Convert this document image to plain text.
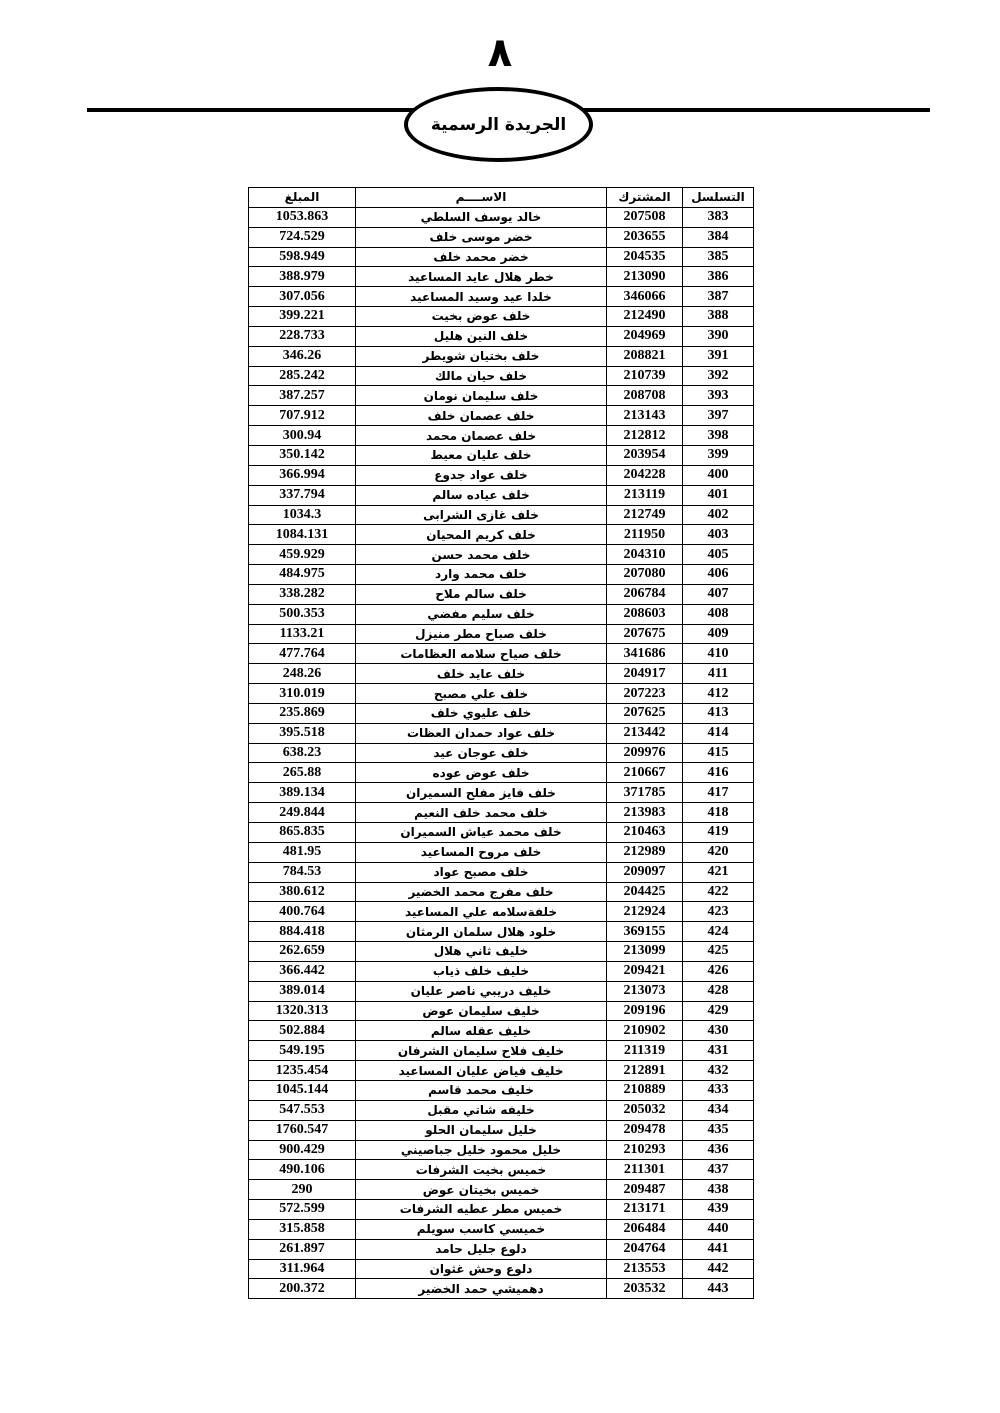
٨
الجريدة الرسمية
التسلسل	المشترك	الاســــم	المبلغ
383	207508	خالد يوسف السلطي	1053.863
384	203655	خضر موسى خلف	724.529
385	204535	خضر محمد خلف	598.949
386	213090	خطر هلال عايد المساعيد	388.979
387	346066	خلدا عيد وسيد المساعيد	307.056
388	212490	خلف عوض بخيت	399.221
390	204969	خلف النين هليل	228.733
391	208821	خلف بختيان شويطر	346.26
392	210739	خلف حيان مالك	285.242
393	208708	خلف سليمان نومان	387.257
397	213143	خلف عصمان خلف	707.912
398	212812	خلف عصمان محمد	300.94
399	203954	خلف عليان معيط	350.142
400	204228	خلف عواد جدوع	366.994
401	213119	خلف عياده سالم	337.794
402	212749	خلف غازى الشرابى	1034.3
403	211950	خلف كريم المحيان	1084.131
405	204310	خلف محمد حسن	459.929
406	207080	خلف محمد وارد	484.975
407	206784	خلف سالم ملاح	338.282
408	208603	خلف سليم مفضي	500.353
409	207675	خلف صباح مطر منيزل	1133.21
410	341686	خلف صياح سلامه العظامات	477.764
411	204917	خلف عايد خلف	248.26
412	207223	خلف علي مصبح	310.019
413	207625	خلف عليوي خلف	235.869
414	213442	خلف عواد حمدان العظات	395.518
415	209976	خلف عوجان عيد	638.23
416	210667	خلف عوض عوده	265.88
417	371785	خلف فايز مفلح السميران	389.134
418	213983	خلف محمد خلف النعيم	249.844
419	210463	خلف محمد عياش السميران	865.835
420	212989	خلف مروح المساعيد	481.95
421	209097	خلف مصبح عواد	784.53
422	204425	خلف مفرج محمد الخضير	380.612
423	212924	خلفةسلامه علي المساعيد	400.764
424	369155	خلود هلال سلمان الرمثان	884.418
425	213099	خليف ثاني هلال	262.659
426	209421	خليف خلف ذياب	366.442
428	213073	خليف دريبي ناصر عليان	389.014
429	209196	خليف سليمان عوض	1320.313
430	210902	خليف عقله سالم	502.884
431	211319	خليف فلاح سليمان الشرفان	549.195
432	212891	خليف فياض عليان المساعيد	1235.454
433	210889	خليف محمد قاسم	1045.144
434	205032	خليفه شاتي مقبل	547.553
435	209478	خليل سليمان الحلو	1760.547
436	210293	خليل محمود خليل جباصيني	900.429
437	211301	خميس بخيت الشرفات	490.106
438	209487	خميس بخيتان عوض	290
439	213171	خميس مطر عطيه الشرفات	572.599
440	206484	خميسي كاسب سويلم	315.858
441	204764	دلوع جليل حامد	261.897
442	213553	دلوع وحش غثوان	311.964
443	203532	دهميشي حمد الخضير	200.372
